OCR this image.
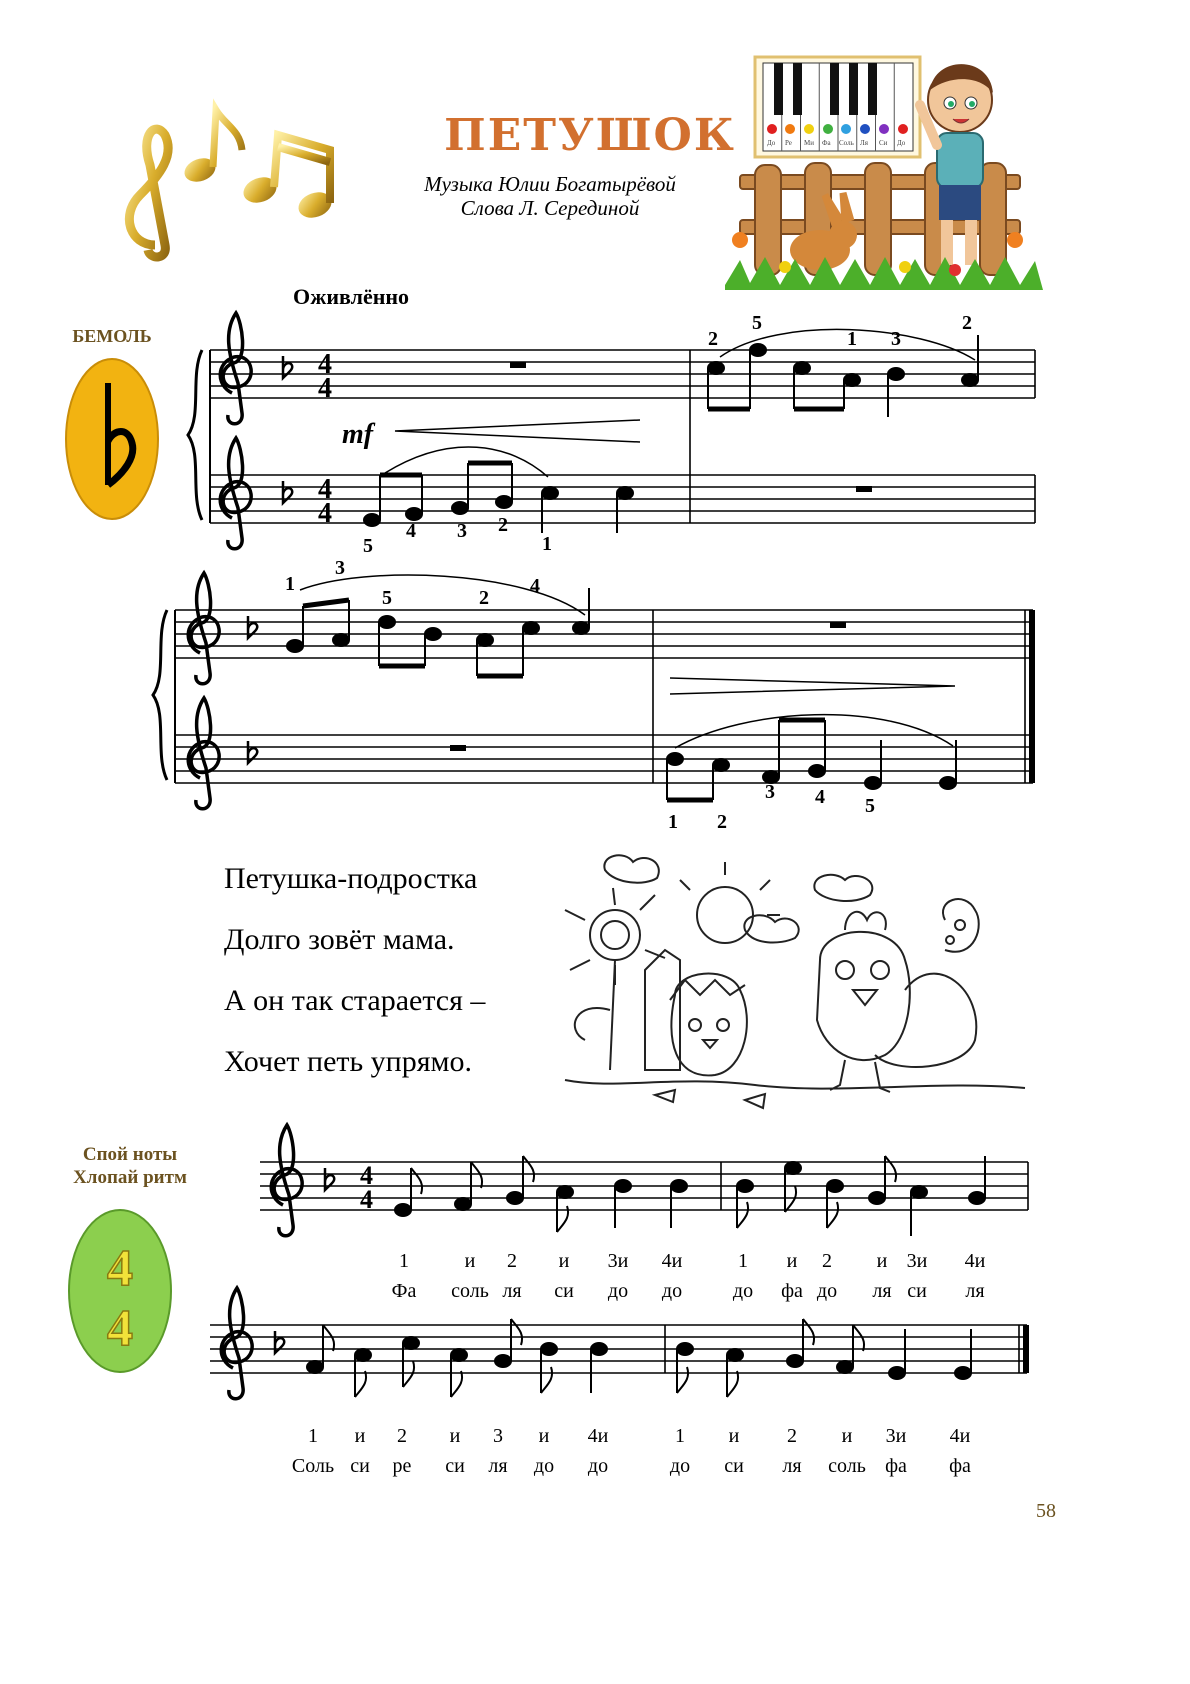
ПЕТУШОК
Музыка Юлии Богатырёвой
Слова Л. Серединой
До Ре Ми Фа Соль Ля Си До
Оживлённо
БЕМОЛЬ
4
4
4
4
mf
5
4 3 2
1
2
5
1 3
2
1
3
5	2
4
1 2
3 4 5
Петушка-подростка
Долго зовёт мама.
А он так старается –
Хочет петь упрямо.
Спой ноты
Хлопай ритм
4
4
4
4
1	и 2 и 3и 4и	1 и 2 и 3и 4и
Фа соль ля си до до	до фа до ля си ля
1 и 2 и 3 и 4и	1 и 2 и 3и 4и
Соль си ре си ля до до	до си ля соль фа фа
58
